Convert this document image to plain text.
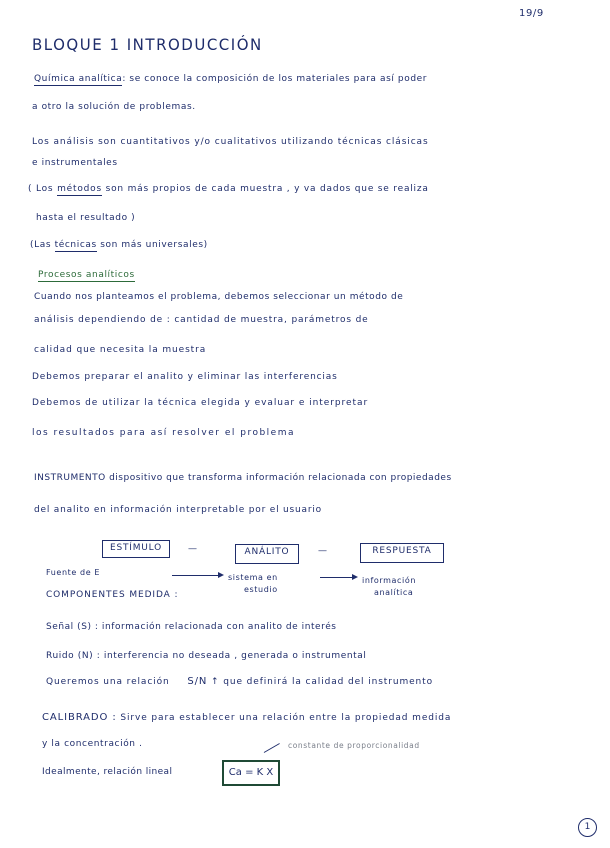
19/9
BLOQUE 1 INTRODUCCIÓN
Química analítica: se conoce la composición de los materiales para así poder
a otro la solución de problemas.
Los análisis son cuantitativos y/o cualitativos utilizando técnicas clásicas
e instrumentales
( Los métodos son más propios de cada muestra , y va dados que se realiza
hasta el resultado )
(Las técnicas son más universales)
Procesos analíticos
Cuando nos planteamos el problema, debemos seleccionar un método de
análisis dependiendo de : cantidad de muestra, parámetros de
calidad que necesita la muestra
Debemos preparar el analito y eliminar las interferencias
Debemos de utilizar la técnica elegida y evaluar e interpretar
los resultados para así resolver el problema
INSTRUMENTO dispositivo que transforma información relacionada con propiedades
del analito en información interpretable por el usuario
ESTÍMULO	—	ANÁLITO	—	RESPUESTA
Fuente de E
sistema en
estudio
información
analítica
COMPONENTES MEDIDA :
Señal (S) : información relacionada con analito de interés
Ruido (N) : interferencia no deseada , generada o instrumental
Queremos una relación S/N ↑ que definirá la calidad del instrumento
CALIBRADO : Sirve para establecer una relación entre la propiedad medida
y la concentración .	constante de proporcionalidad
Idealmente, relación lineal	Ca = K X
1
